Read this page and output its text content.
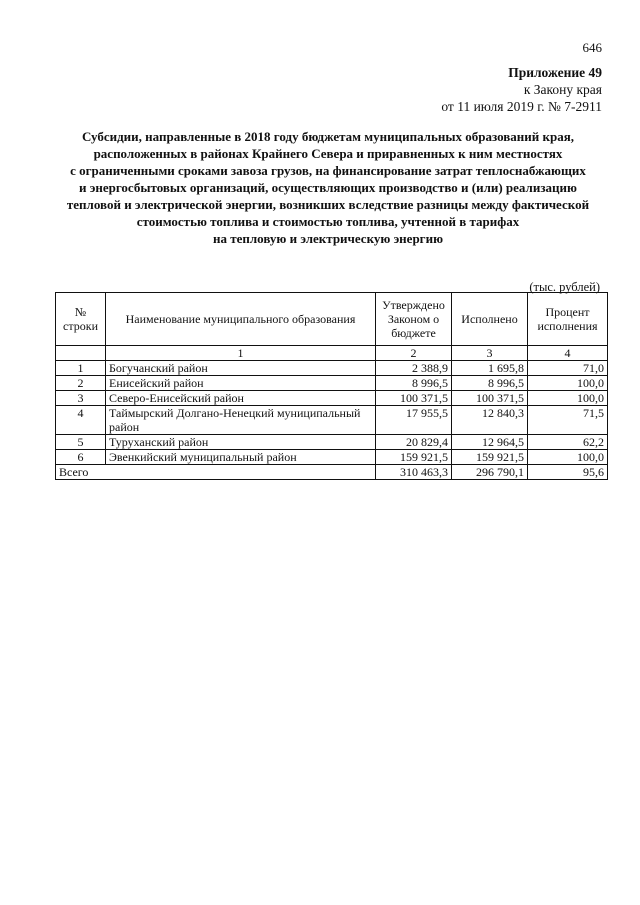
646
Приложение 49
к Закону края
от 11 июля 2019 г. № 7-2911
Субсидии, направленные в 2018 году бюджетам муниципальных образований края,
расположенных в районах Крайнего Севера и приравненных к ним местностях
с ограниченными сроками завоза грузов, на финансирование затрат теплоснабжающих
и энергосбытовых организаций, осуществляющих производство и (или) реализацию
тепловой и электрической энергии, возникших вследствие разницы между фактической
стоимостью топлива и стоимостью топлива, учтенной в тарифах
на тепловую и электрическую энергию
(тыс. рублей)
№ строки	Наименование муниципального образования	Утверждено Законом о бюджете	Исполнено	Процент исполнения
	1	2	3	4
1	Богучанский район	2 388,9	1 695,8	71,0
2	Енисейский район	8 996,5	8 996,5	100,0
3	Северо-Енисейский район	100 371,5	100 371,5	100,0
4	Таймырский Долгано-Ненецкий муниципальный район	17 955,5	12 840,3	71,5
5	Туруханский район	20 829,4	12 964,5	62,2
6	Эвенкийский муниципальный район	159 921,5	159 921,5	100,0
Всего		310 463,3	296 790,1	95,6
